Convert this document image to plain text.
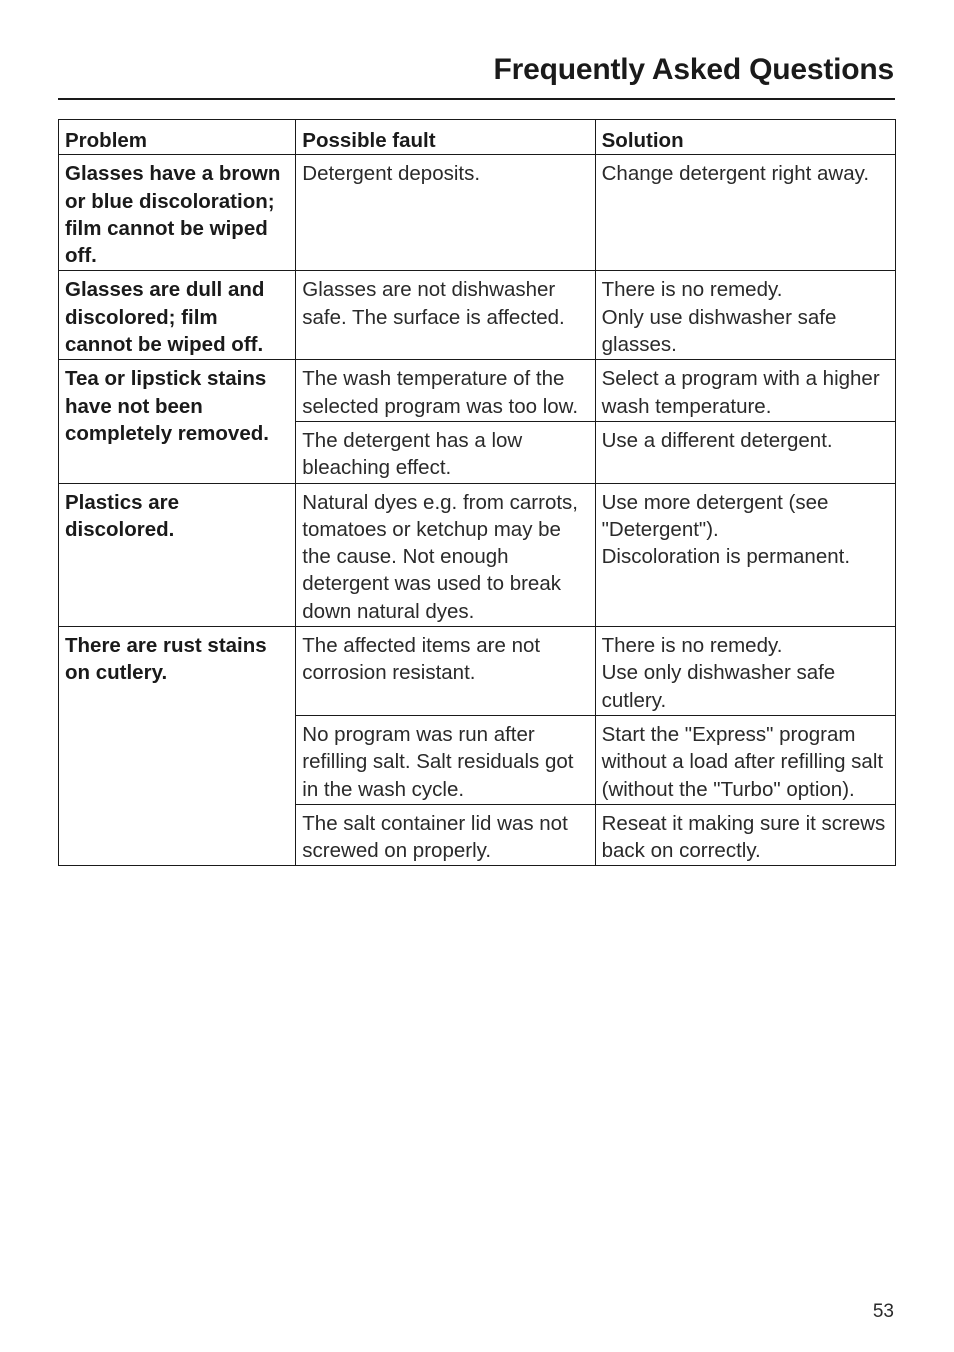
Frequently Asked Questions
Problem	Possible fault	Solution
Glasses have a brown or blue discoloration; film cannot be wiped off.	Detergent deposits.	Change detergent right away.

Glasses are dull and discolored; film cannot be wiped off.	Glasses are not dishwasher safe. The surface is affected.	There is no remedy.
Only use dishwasher safe glasses.

Tea or lipstick stains have not been completely removed.	The wash temperature of the selected program was too low.	Select a program with a higher wash temperature.

	The detergent has a low bleaching effect.	Use a different detergent.

Plastics are discolored.	Natural dyes e.g. from carrots, tomatoes or ketchup may be the cause. Not enough detergent was used to break down natural dyes.	Use more detergent (see "Detergent").
Discoloration is permanent.

There are rust stains on cutlery.	The affected items are not corrosion resistant.	There is no remedy.
Use only dishwasher safe cutlery.

	No program was run after refilling salt. Salt residuals got in the wash cycle.	Start the "Express" program without a load after refilling salt (without the "Turbo" option).

	The salt container lid was not screwed on properly.	Reseat it making sure it screws back on correctly.
53
